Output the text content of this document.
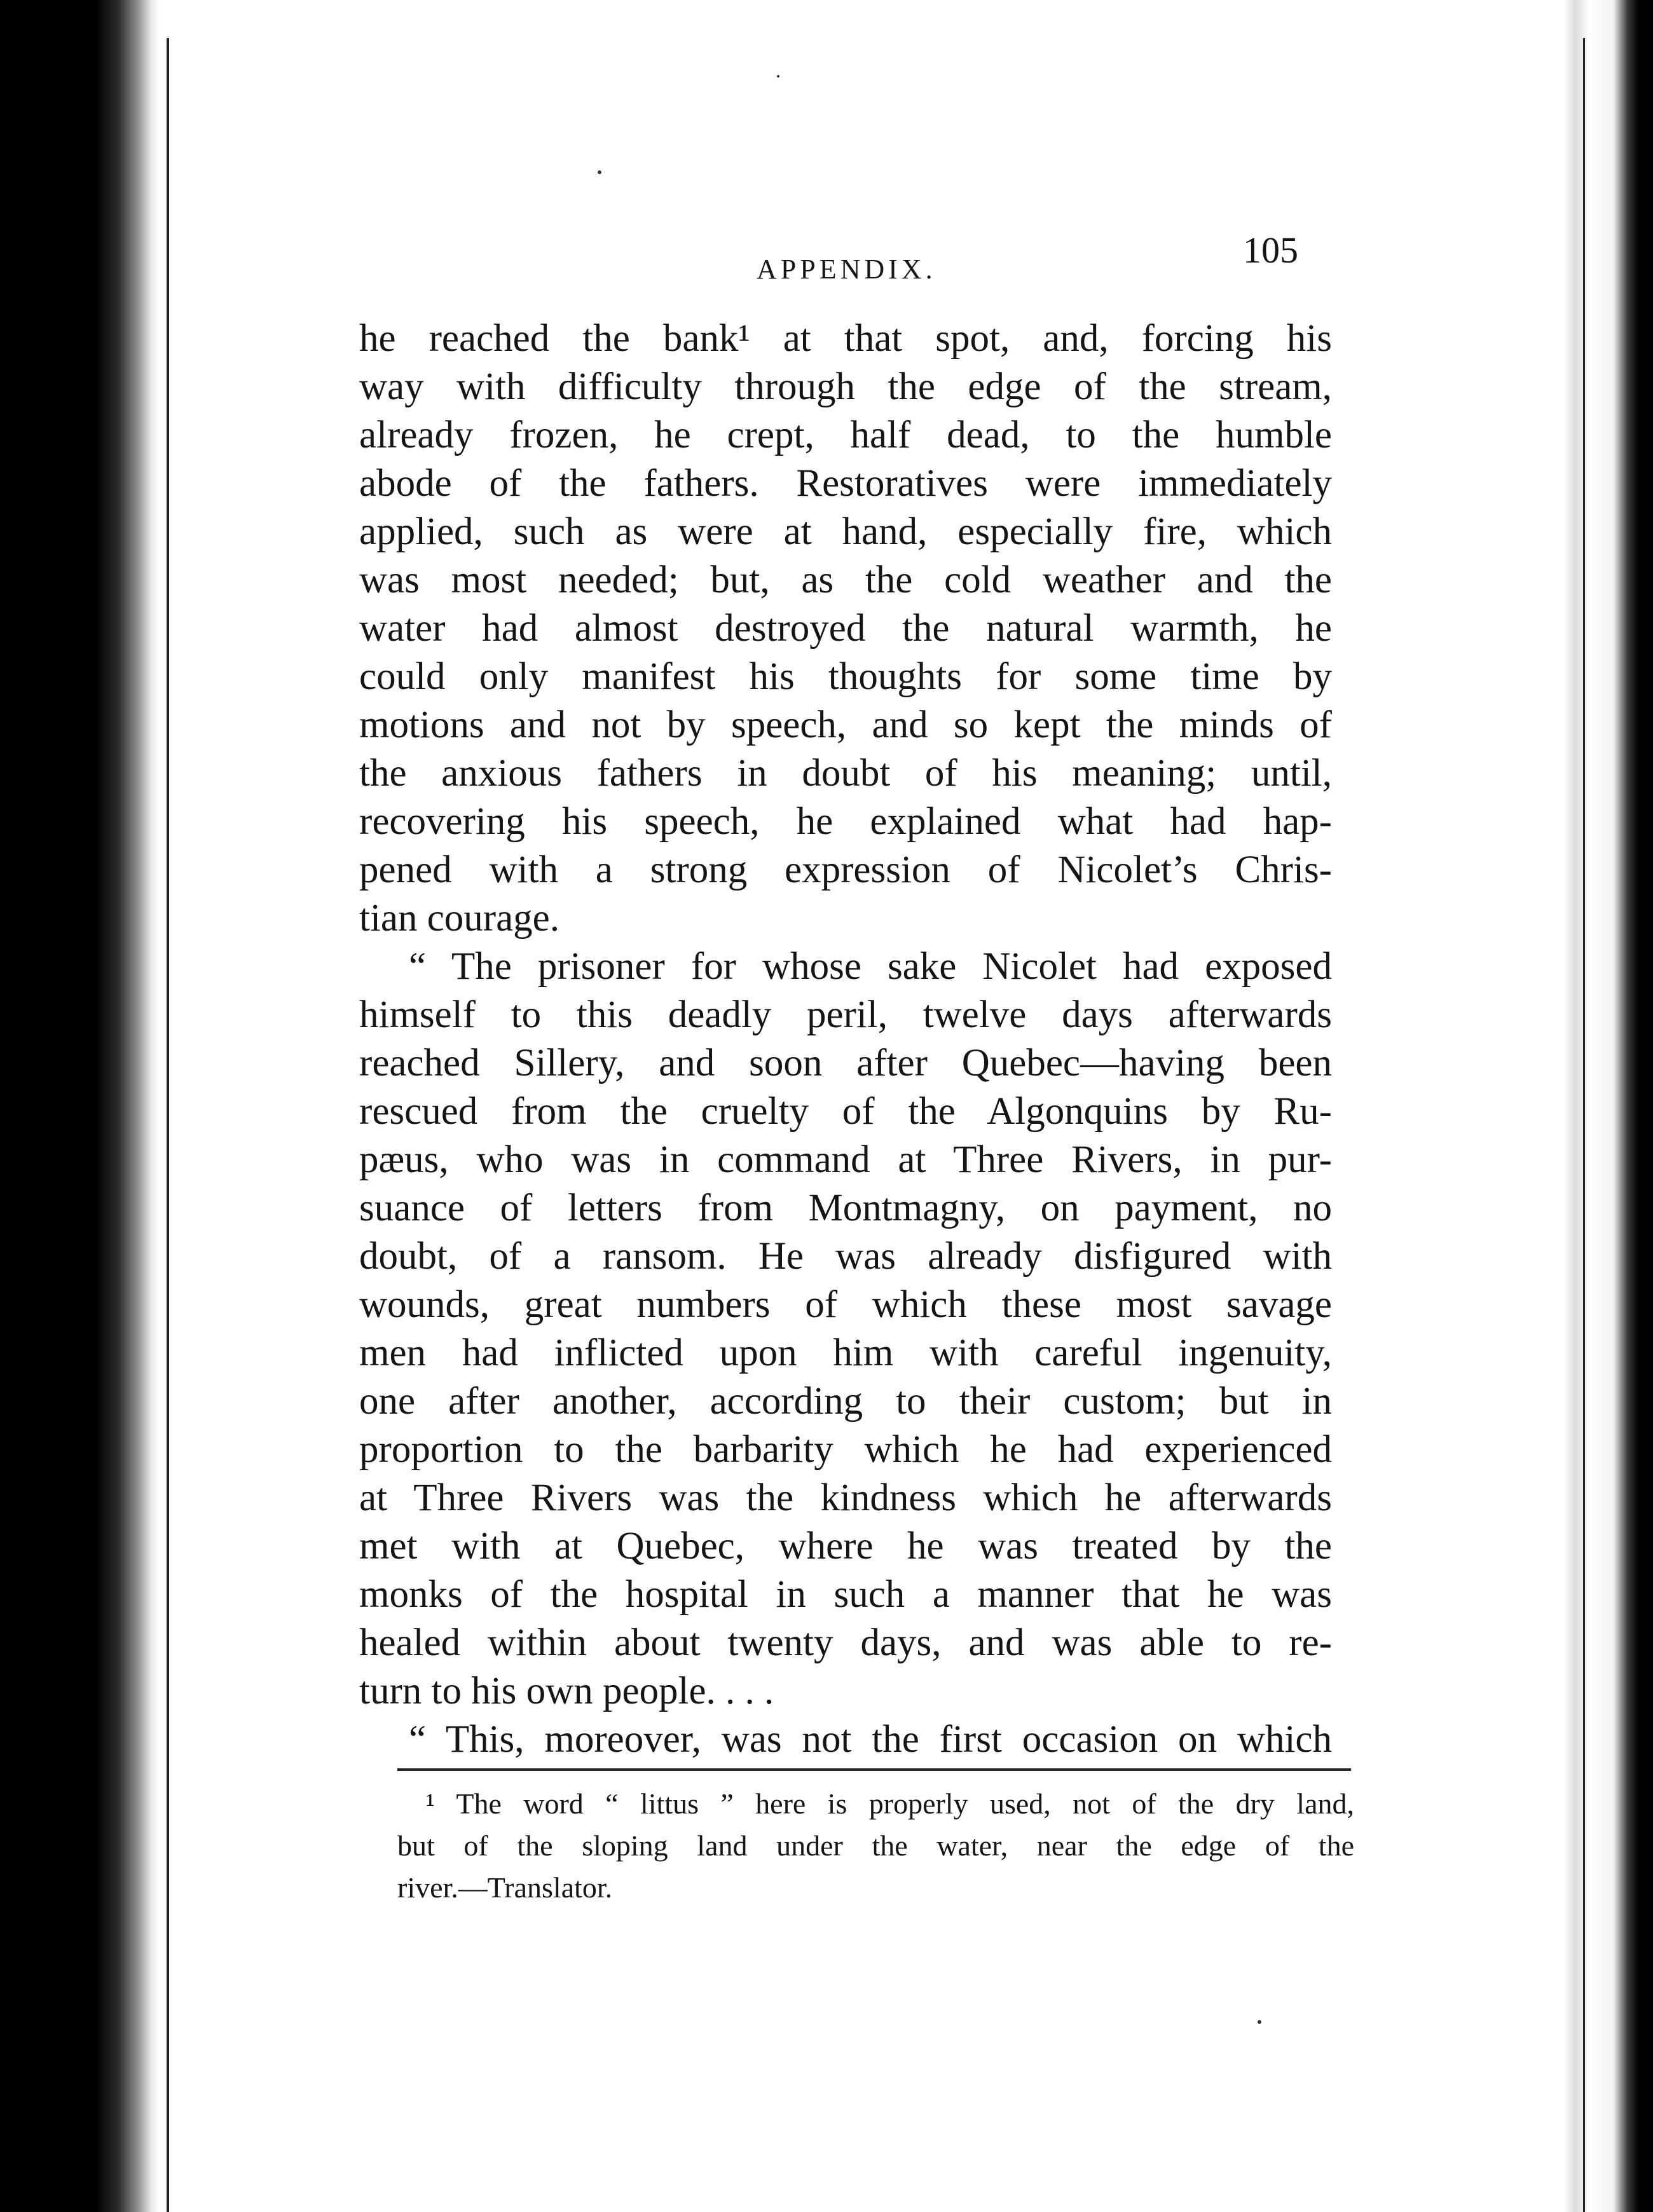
APPENDIX.	105
he reached the bank¹ at that spot, and, forcing his
way with difficulty through the edge of the stream,
already frozen, he crept, half dead, to the humble
abode of the fathers. Restoratives were immediately
applied, such as were at hand, especially fire, which
was most needed; but, as the cold weather and the
water had almost destroyed the natural warmth, he
could only manifest his thoughts for some time by
motions and not by speech, and so kept the minds of
the anxious fathers in doubt of his meaning; until,
recovering his speech, he explained what had hap-
pened with a strong expression of Nicolet’s Chris-
tian courage.
“ The prisoner for whose sake Nicolet had exposed
himself to this deadly peril, twelve days afterwards
reached Sillery, and soon after Quebec—having been
rescued from the cruelty of the Algonquins by Ru-
pæus, who was in command at Three Rivers, in pur-
suance of letters from Montmagny, on payment, no
doubt, of a ransom. He was already disfigured with
wounds, great numbers of which these most savage
men had inflicted upon him with careful ingenuity,
one after another, according to their custom; but in
proportion to the barbarity which he had experienced
at Three Rivers was the kindness which he afterwards
met with at Quebec, where he was treated by the
monks of the hospital in such a manner that he was
healed within about twenty days, and was able to re-
turn to his own people. . . .
“ This, moreover, was not the first occasion on which
¹ The word “ littus ” here is properly used, not of the dry land,
but of the sloping land under the water, near the edge of the
river.—Translator.
